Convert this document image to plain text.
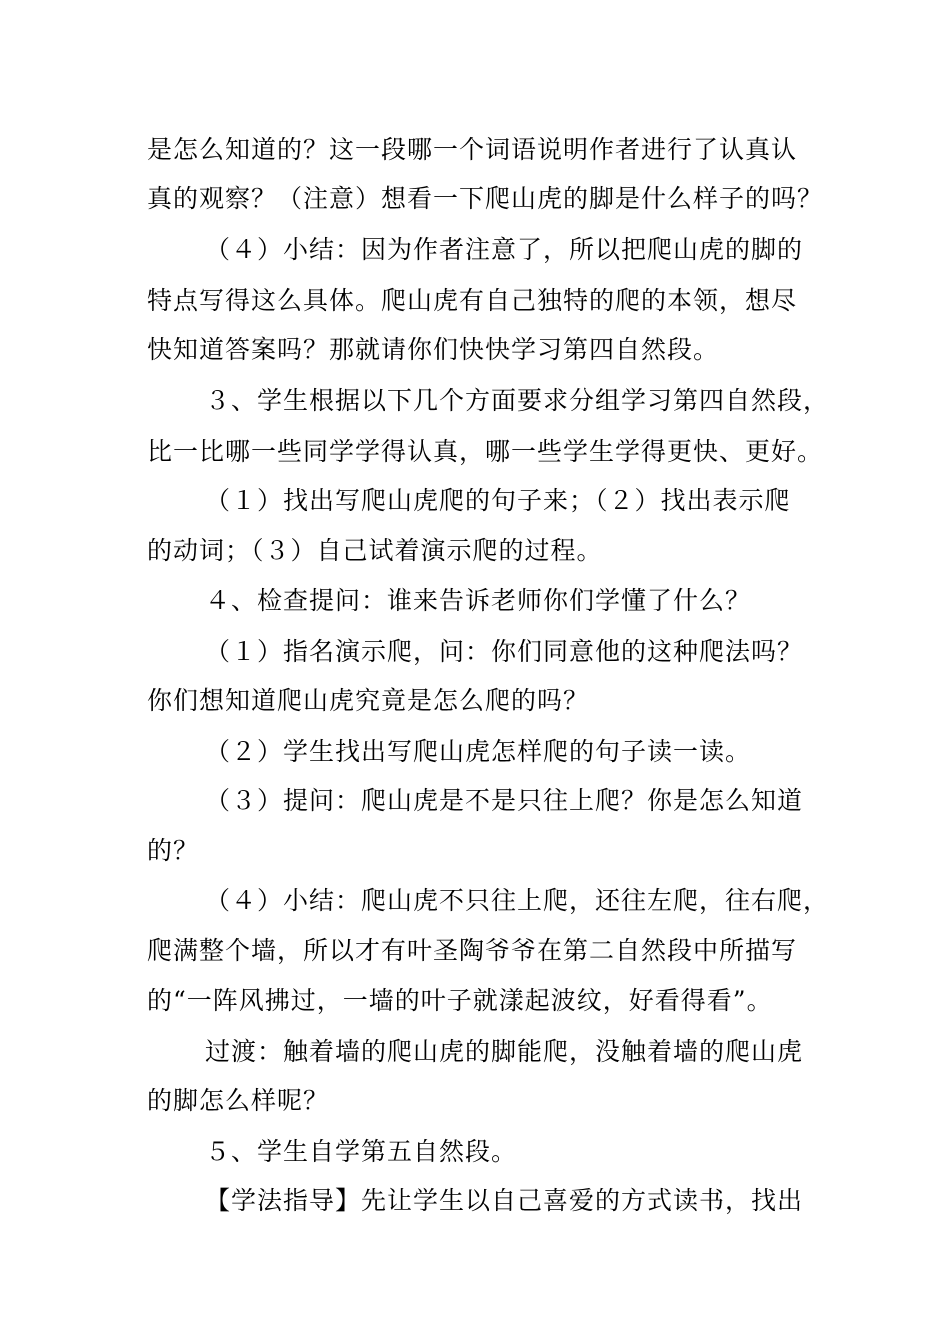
是怎么知道的？这一段哪一个词语说明作者进行了认真认
真的观察？（注意）想看一下爬山虎的脚是什么样子的吗？
（４）小结：因为作者注意了，所以把爬山虎的脚的
特点写得这么具体。爬山虎有自己独特的爬的本领，想尽
快知道答案吗？那就请你们快快学习第四自然段。
３、学生根据以下几个方面要求分组学习第四自然段，
比一比哪一些同学学得认真，哪一些学生学得更快、更好。
（１）找出写爬山虎爬的句子来；（２）找出表示爬
的动词；（３）自己试着演示爬的过程。
４、检查提问：谁来告诉老师你们学懂了什么？
（１）指名演示爬，问：你们同意他的这种爬法吗？
你们想知道爬山虎究竟是怎么爬的吗？
（２）学生找出写爬山虎怎样爬的句子读一读。
（３）提问：爬山虎是不是只往上爬？你是怎么知道
的？
（４）小结：爬山虎不只往上爬，还往左爬，往右爬，
爬满整个墙，所以才有叶圣陶爷爷在第二自然段中所描写
的“一阵风拂过，一墙的叶子就漾起波纹，好看得看”。
过渡：触着墙的爬山虎的脚能爬，没触着墙的爬山虎
的脚怎么样呢？
５、学生自学第五自然段。
【学法指导】先让学生以自己喜爱的方式读书，找出
